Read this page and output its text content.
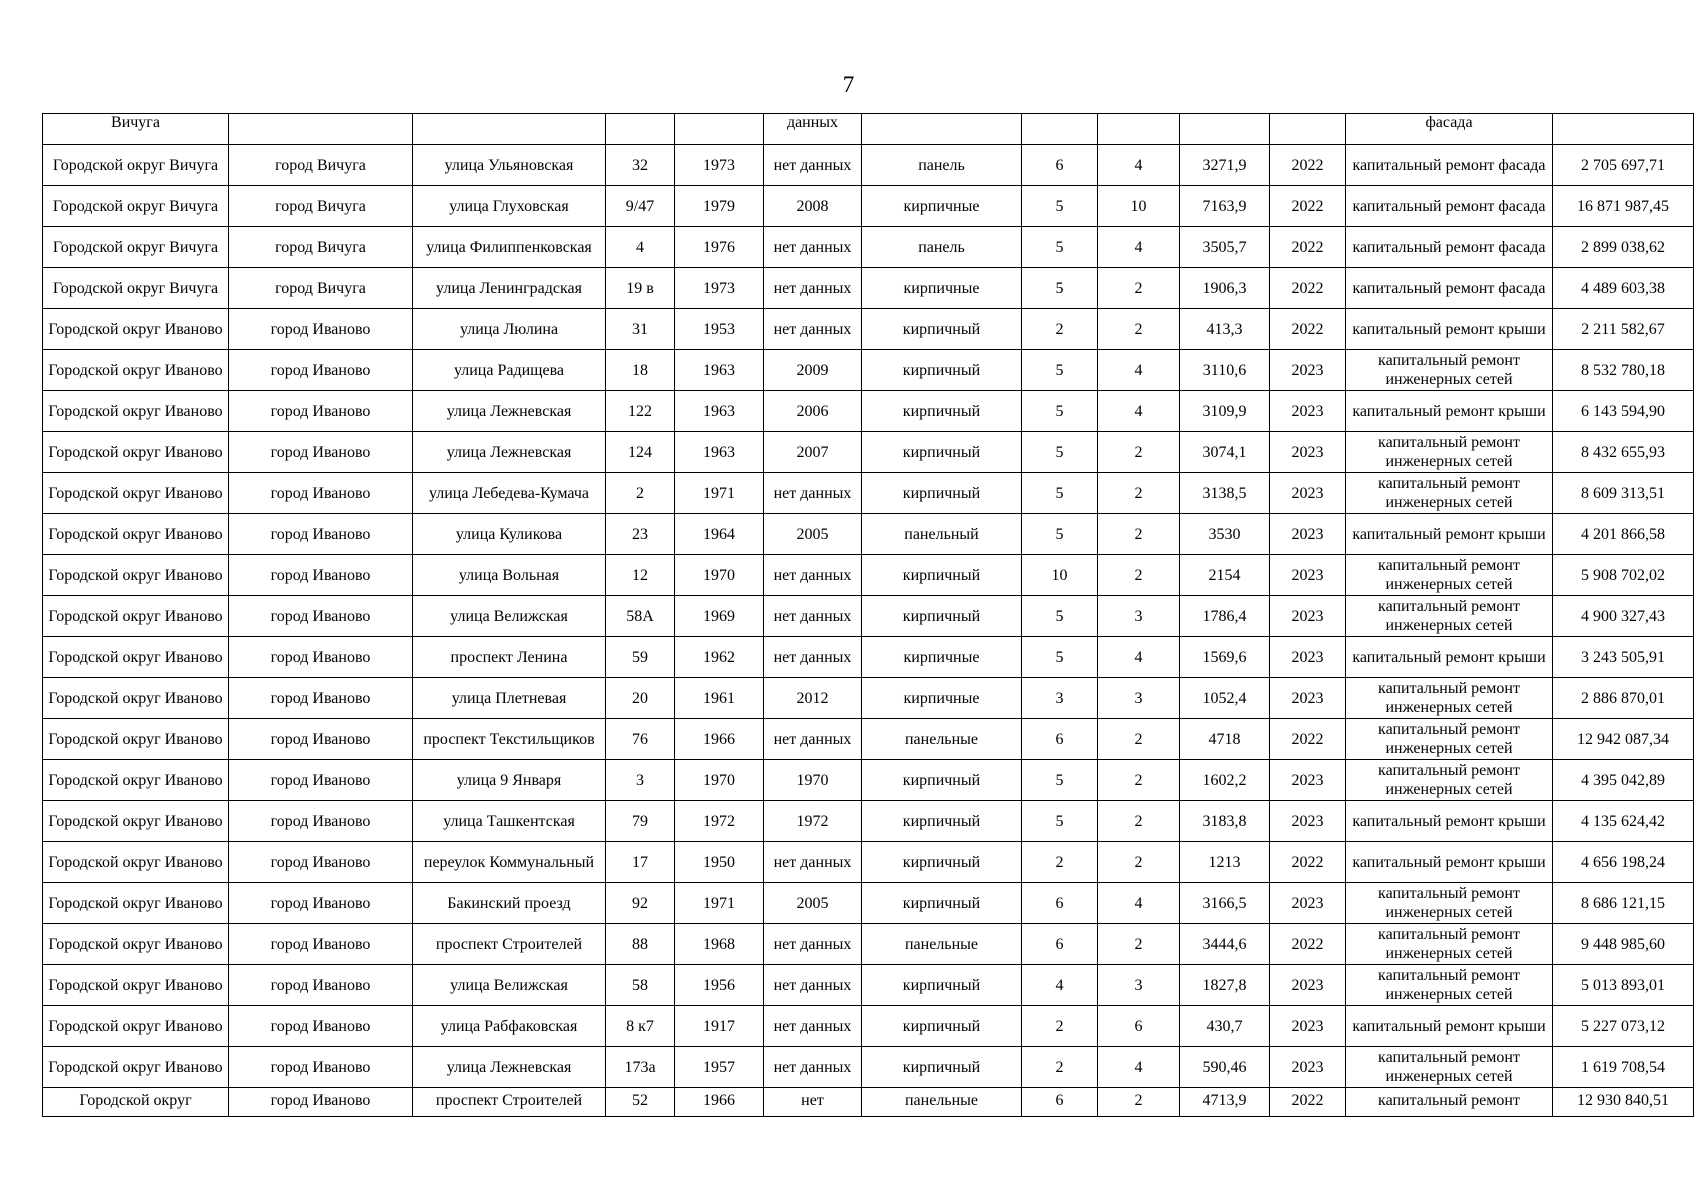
7
Вичуга					данных						фасада	
Городской округ Вичуга	город Вичуга	улица Ульяновская	32	1973	нет данных	панель	6	4	3271,9	2022	капитальный ремонт фасада	2 705 697,71
Городской округ Вичуга	город Вичуга	улица Глуховская	9/47	1979	2008	кирпичные	5	10	7163,9	2022	капитальный ремонт фасада	16 871 987,45
Городской округ Вичуга	город Вичуга	улица Филиппенковская	4	1976	нет данных	панель	5	4	3505,7	2022	капитальный ремонт фасада	2 899 038,62
Городской округ Вичуга	город Вичуга	улица Ленинградская	19 в	1973	нет данных	кирпичные	5	2	1906,3	2022	капитальный ремонт фасада	4 489 603,38
Городской округ Иваново	город Иваново	улица Люлина	31	1953	нет данных	кирпичный	2	2	413,3	2022	капитальный ремонт крыши	2 211 582,67
Городской округ Иваново	город Иваново	улица Радищева	18	1963	2009	кирпичный	5	4	3110,6	2023	капитальный ремонт инженерных сетей	8 532 780,18
Городской округ Иваново	город Иваново	улица Лежневская	122	1963	2006	кирпичный	5	4	3109,9	2023	капитальный ремонт крыши	6 143 594,90
Городской округ Иваново	город Иваново	улица Лежневская	124	1963	2007	кирпичный	5	2	3074,1	2023	капитальный ремонт инженерных сетей	8 432 655,93
Городской округ Иваново	город Иваново	улица Лебедева-Кумача	2	1971	нет данных	кирпичный	5	2	3138,5	2023	капитальный ремонт инженерных сетей	8 609 313,51
Городской округ Иваново	город Иваново	улица Куликова	23	1964	2005	панельный	5	2	3530	2023	капитальный ремонт крыши	4 201 866,58
Городской округ Иваново	город Иваново	улица Вольная	12	1970	нет данных	кирпичный	10	2	2154	2023	капитальный ремонт инженерных сетей	5 908 702,02
Городской округ Иваново	город Иваново	улица Велижская	58А	1969	нет данных	кирпичный	5	3	1786,4	2023	капитальный ремонт инженерных сетей	4 900 327,43
Городской округ Иваново	город Иваново	проспект Ленина	59	1962	нет данных	кирпичные	5	4	1569,6	2023	капитальный ремонт крыши	3 243 505,91
Городской округ Иваново	город Иваново	улица Плетневая	20	1961	2012	кирпичные	3	3	1052,4	2023	капитальный ремонт инженерных сетей	2 886 870,01
Городской округ Иваново	город Иваново	проспект Текстильщиков	76	1966	нет данных	панельные	6	2	4718	2022	капитальный ремонт инженерных сетей	12 942 087,34
Городской округ Иваново	город Иваново	улица 9 Января	3	1970	1970	кирпичный	5	2	1602,2	2023	капитальный ремонт инженерных сетей	4 395 042,89
Городской округ Иваново	город Иваново	улица Ташкентская	79	1972	1972	кирпичный	5	2	3183,8	2023	капитальный ремонт крыши	4 135 624,42
Городской округ Иваново	город Иваново	переулок Коммунальный	17	1950	нет данных	кирпичный	2	2	1213	2022	капитальный ремонт крыши	4 656 198,24
Городской округ Иваново	город Иваново	Бакинский проезд	92	1971	2005	кирпичный	6	4	3166,5	2023	капитальный ремонт инженерных сетей	8 686 121,15
Городской округ Иваново	город Иваново	проспект Строителей	88	1968	нет данных	панельные	6	2	3444,6	2022	капитальный ремонт инженерных сетей	9 448 985,60
Городской округ Иваново	город Иваново	улица Велижская	58	1956	нет данных	кирпичный	4	3	1827,8	2023	капитальный ремонт инженерных сетей	5 013 893,01
Городской округ Иваново	город Иваново	улица Рабфаковская	8 к7	1917	нет данных	кирпичный	2	6	430,7	2023	капитальный ремонт крыши	5 227 073,12
Городской округ Иваново	город Иваново	улица Лежневская	173а	1957	нет данных	кирпичный	2	4	590,46	2023	капитальный ремонт инженерных сетей	1 619 708,54
Городской округ	город Иваново	проспект Строителей	52	1966	нет	панельные	6	2	4713,9	2022	капитальный ремонт	12 930 840,51
